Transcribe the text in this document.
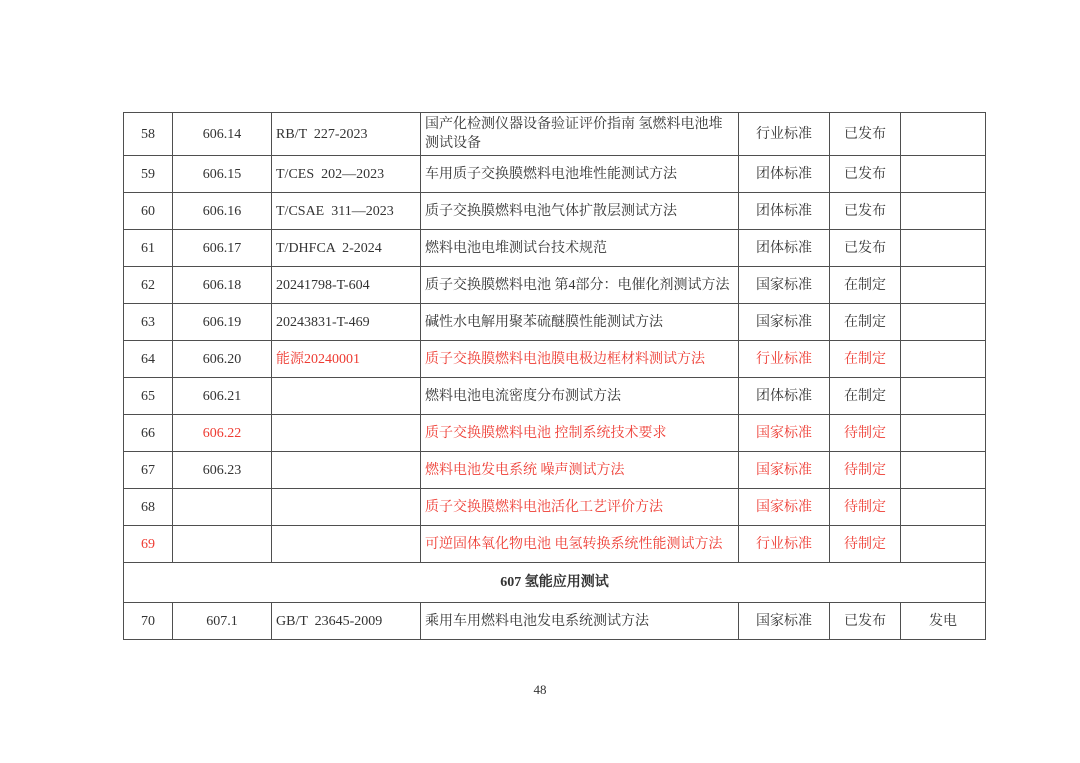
58	606.14	RB/T  227-2023	国产化检测仪器设备验证评价指南 氢燃料电池堆测试设备	行业标准	已发布	
59	606.15	T/CES  202—2023	车用质子交换膜燃料电池堆性能测试方法	团体标准	已发布	
60	606.16	T/CSAE  311—2023	质子交换膜燃料电池气体扩散层测试方法	团体标准	已发布	
61	606.17	T/DHFCA  2-2024	燃料电池电堆测试台技术规范	团体标准	已发布	
62	606.18	20241798-T-604	质子交换膜燃料电池 第4部分：电催化剂测试方法	国家标准	在制定	
63	606.19	20243831-T-469	碱性水电解用聚苯硫醚膜性能测试方法	国家标准	在制定	
64	606.20	能源20240001	质子交换膜燃料电池膜电极边框材料测试方法	行业标准	在制定	
65	606.21		燃料电池电流密度分布测试方法	团体标准	在制定	
66	606.22		质子交换膜燃料电池 控制系统技术要求	国家标准	待制定	
67	606.23		燃料电池发电系统 噪声测试方法	国家标准	待制定	
68			质子交换膜燃料电池活化工艺评价方法	国家标准	待制定	
69			可逆固体氧化物电池 电氢转换系统性能测试方法	行业标准	待制定	
607 氢能应用测试						
70	607.1	GB/T  23645-2009	乘用车用燃料电池发电系统测试方法	国家标准	已发布	发电
48
